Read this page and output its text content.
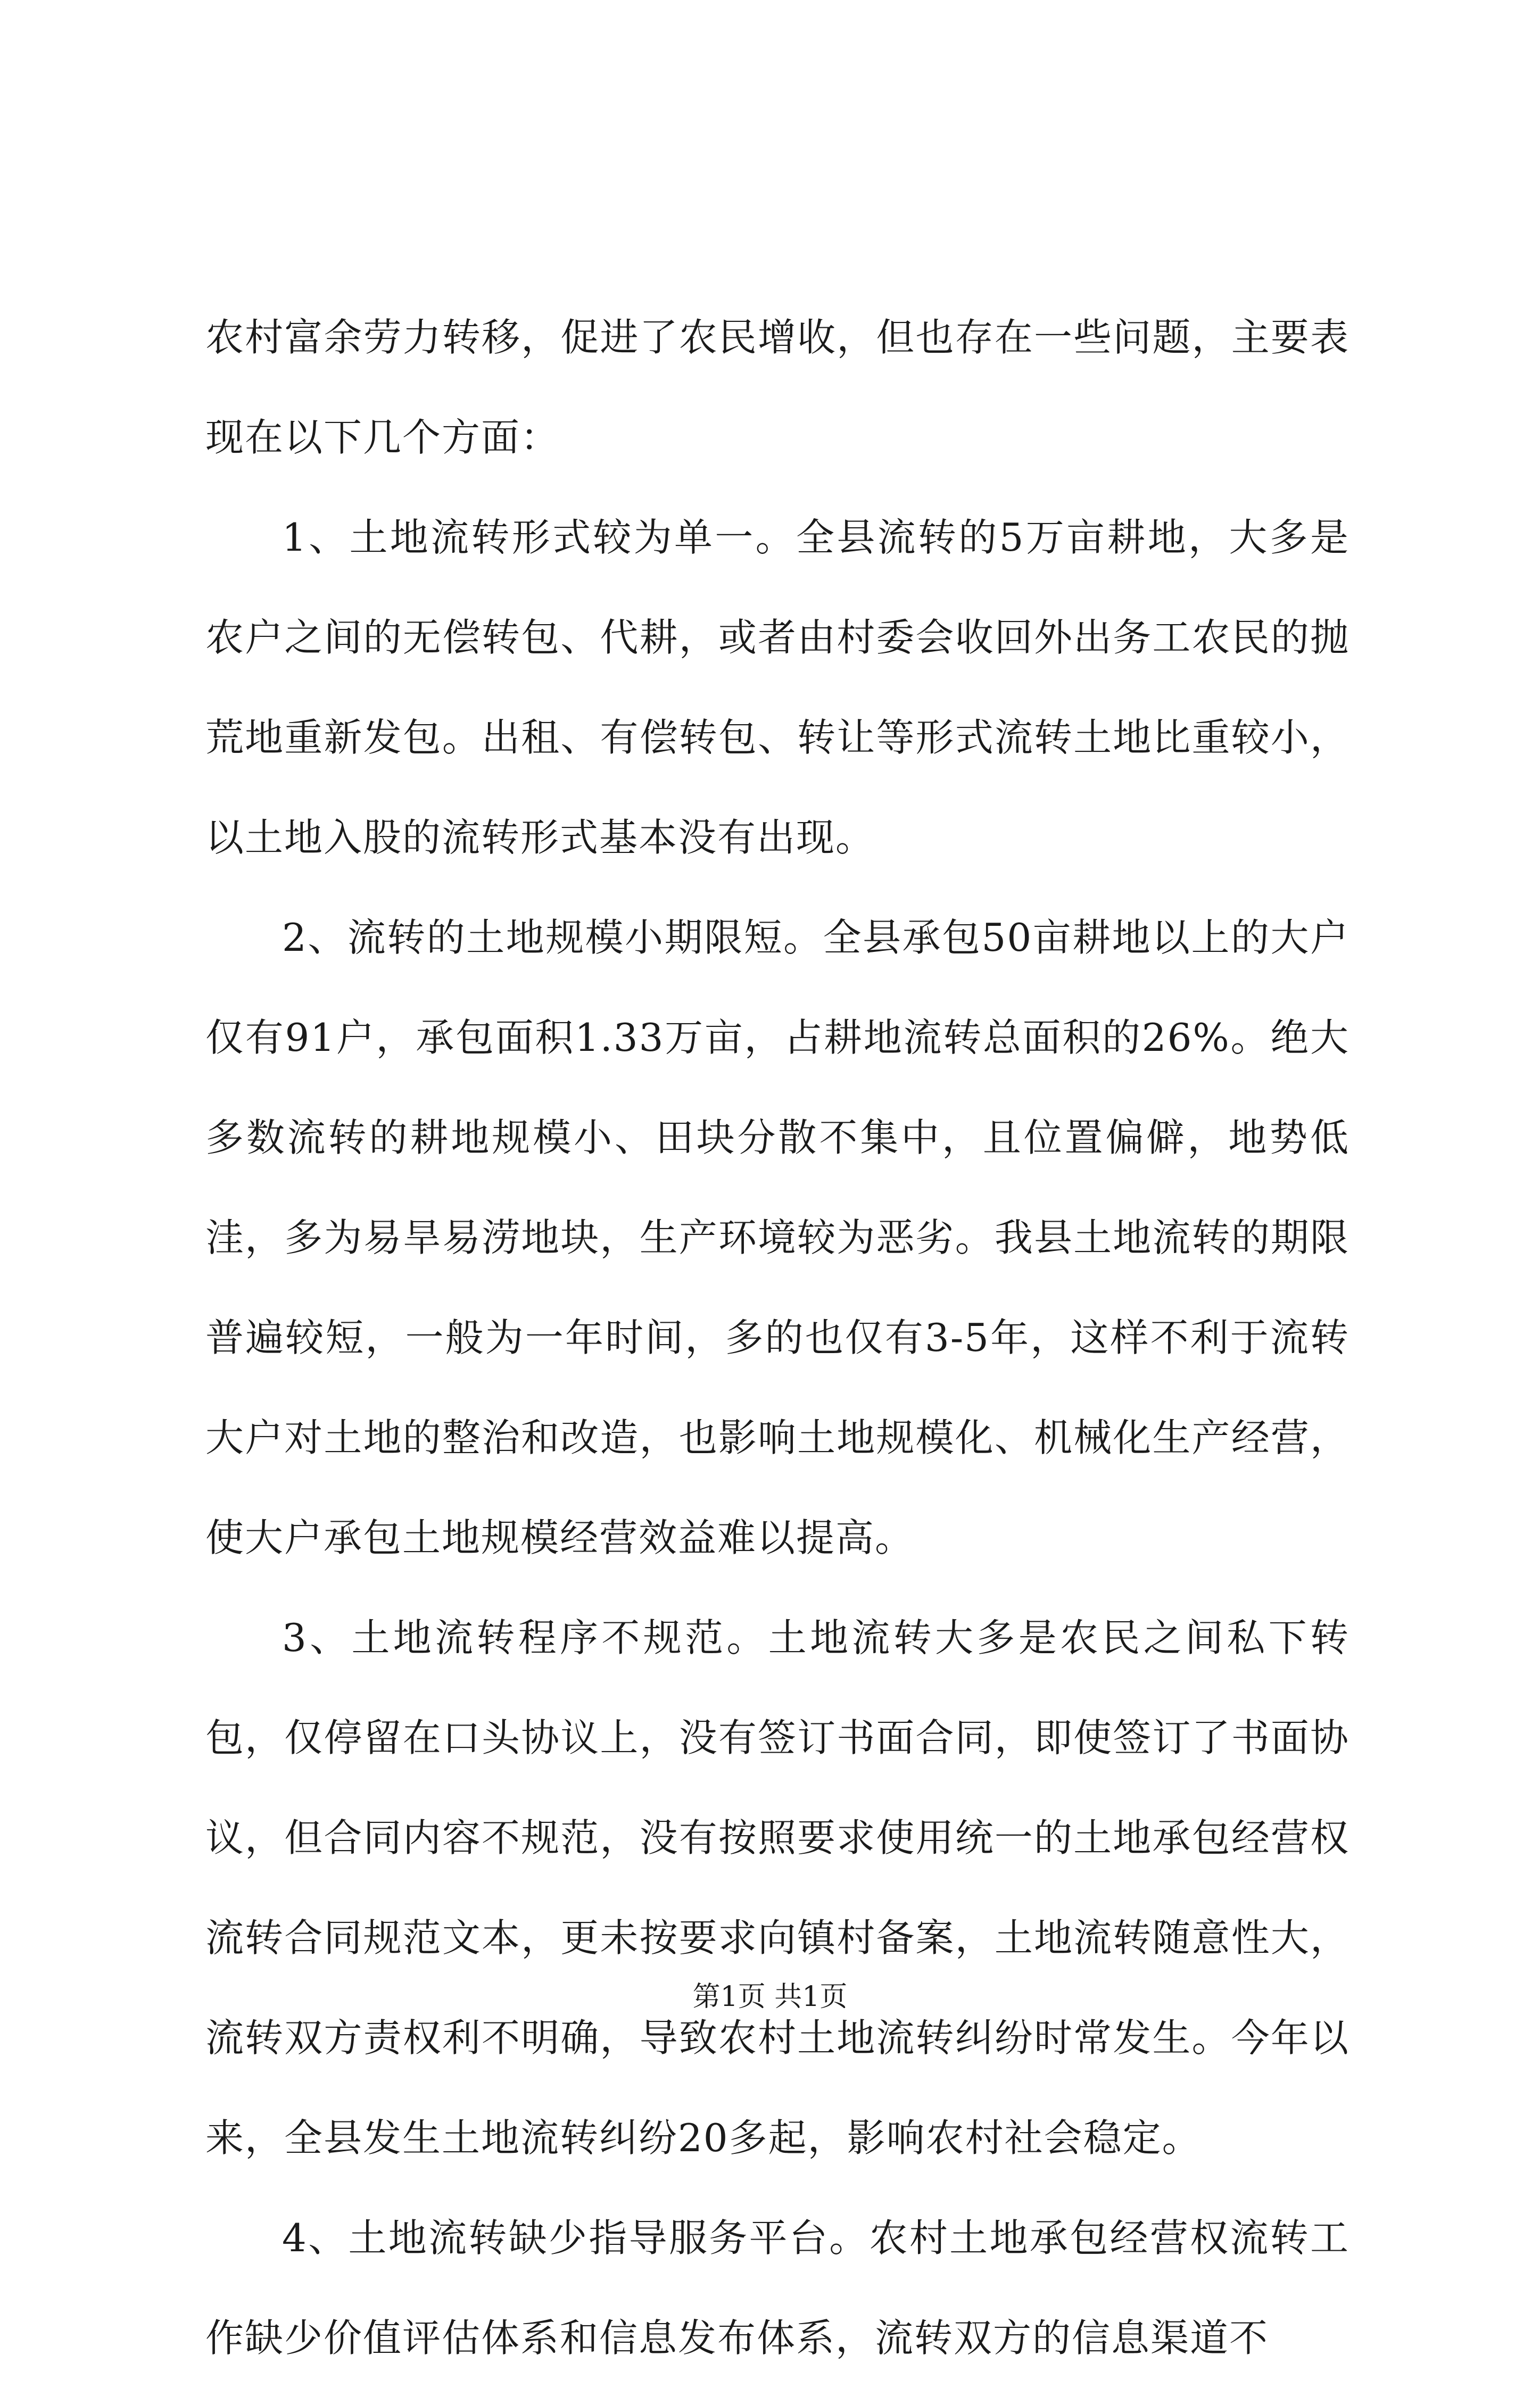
农村富余劳力转移，促进了农民增收，但也存在一些问题，主要表现在以下几个方面：

1、土地流转形式较为单一。全县流转的5万亩耕地，大多是农户之间的无偿转包、代耕，或者由村委会收回外出务工农民的抛荒地重新发包。出租、有偿转包、转让等形式流转土地比重较小，以土地入股的流转形式基本没有出现。

2、流转的土地规模小期限短。全县承包50亩耕地以上的大户仅有91户，承包面积1.33万亩，占耕地流转总面积的26%。绝大多数流转的耕地规模小、田块分散不集中，且位置偏僻，地势低洼，多为易旱易涝地块，生产环境较为恶劣。我县土地流转的期限普遍较短，一般为一年时间，多的也仅有3-5年，这样不利于流转大户对土地的整治和改造，也影响土地规模化、机械化生产经营，使大户承包土地规模经营效益难以提高。

3、土地流转程序不规范。土地流转大多是农民之间私下转包，仅停留在口头协议上，没有签订书面合同，即使签订了书面协议，但合同内容不规范，没有按照要求使用统一的土地承包经营权流转合同规范文本，更未按要求向镇村备案，土地流转随意性大，流转双方责权利不明确，导致农村土地流转纠纷时常发生。今年以来，全县发生土地流转纠纷20多起，影响农村社会稳定。

4、土地流转缺少指导服务平台。农村土地承包经营权流转工作缺少价值评估体系和信息发布体系，流转双方的信息渠道不

第1页 共1页
